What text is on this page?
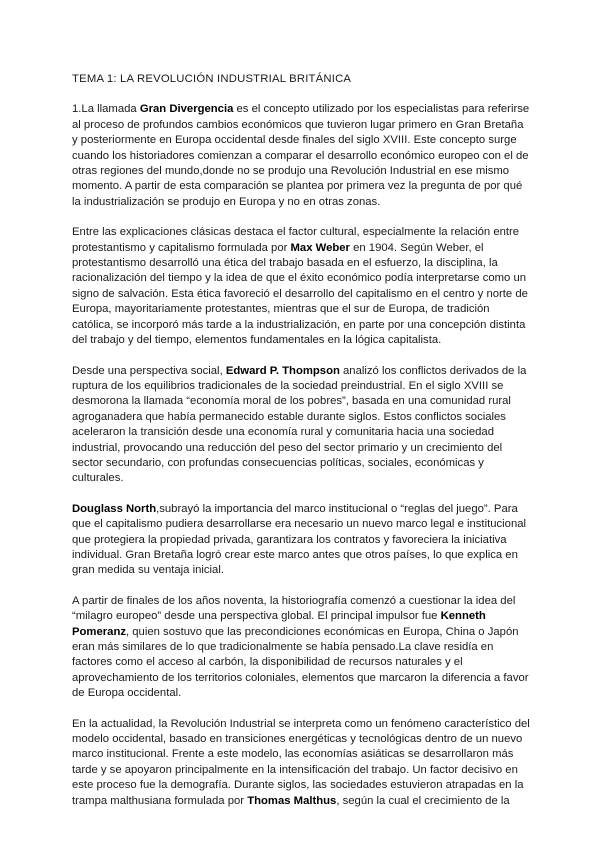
TEMA 1: LA REVOLUCIÓN INDUSTRIAL BRITÁNICA

1.La llamada Gran Divergencia es el concepto utilizado por los especialistas para referirse al proceso de profundos cambios económicos que tuvieron lugar primero en Gran Bretaña y posteriormente en Europa occidental desde finales del siglo XVIII. Este concepto surge cuando los historiadores comienzan a comparar el desarrollo económico europeo con el de otras regiones del mundo,donde no se produjo una Revolución Industrial en ese mismo momento. A partir de esta comparación se plantea por primera vez la pregunta de por qué la industrialización se produjo en Europa y no en otras zonas.

Entre las explicaciones clásicas destaca el factor cultural, especialmente la relación entre protestantismo y capitalismo formulada por Max Weber en 1904. Según Weber, el protestantismo desarrolló una ética del trabajo basada en el esfuerzo, la disciplina, la racionalización del tiempo y la idea de que el éxito económico podía interpretarse como un signo de salvación. Esta ética favoreció el desarrollo del capitalismo en el centro y norte de Europa, mayoritariamente protestantes, mientras que el sur de Europa, de tradición católica, se incorporó más tarde a la industrialización, en parte por una concepción distinta del trabajo y del tiempo, elementos fundamentales en la lógica capitalista.

Desde una perspectiva social, Edward P. Thompson analizó los conflictos derivados de la ruptura de los equilibrios tradicionales de la sociedad preindustrial. En el siglo XVIII se desmorona la llamada “economía moral de los pobres”, basada en una comunidad rural agroganadera que había permanecido estable durante siglos. Estos conflictos sociales aceleraron la transición desde una economía rural y comunitaria hacia una sociedad industrial, provocando una reducción del peso del sector primario y un crecimiento del sector secundario, con profundas consecuencias políticas, sociales, económicas y culturales.

Douglass North,subrayó la importancia del marco institucional o “reglas del juego”. Para que el capitalismo pudiera desarrollarse era necesario un nuevo marco legal e institucional que protegiera la propiedad privada, garantizara los contratos y favoreciera la iniciativa individual. Gran Bretaña logró crear este marco antes que otros países, lo que explica en gran medida su ventaja inicial.

A partir de finales de los años noventa, la historiografía comenzó a cuestionar la idea del “milagro europeo” desde una perspectiva global. El principal impulsor fue Kenneth Pomeranz, quien sostuvo que las precondiciones económicas en Europa, China o Japón eran más similares de lo que tradicionalmente se había pensado.La clave residía en factores como el acceso al carbón, la disponibilidad de recursos naturales y el aprovechamiento de los territorios coloniales, elementos que marcaron la diferencia a favor de Europa occidental.

En la actualidad, la Revolución Industrial se interpreta como un fenómeno característico del modelo occidental, basado en transiciones energéticas y tecnológicas dentro de un nuevo marco institucional. Frente a este modelo, las economías asiáticas se desarrollaron más tarde y se apoyaron principalmente en la intensificación del trabajo. Un factor decisivo en este proceso fue la demografía. Durante siglos, las sociedades estuvieron atrapadas en la trampa malthusiana formulada por Thomas Malthus, según la cual el crecimiento de la
